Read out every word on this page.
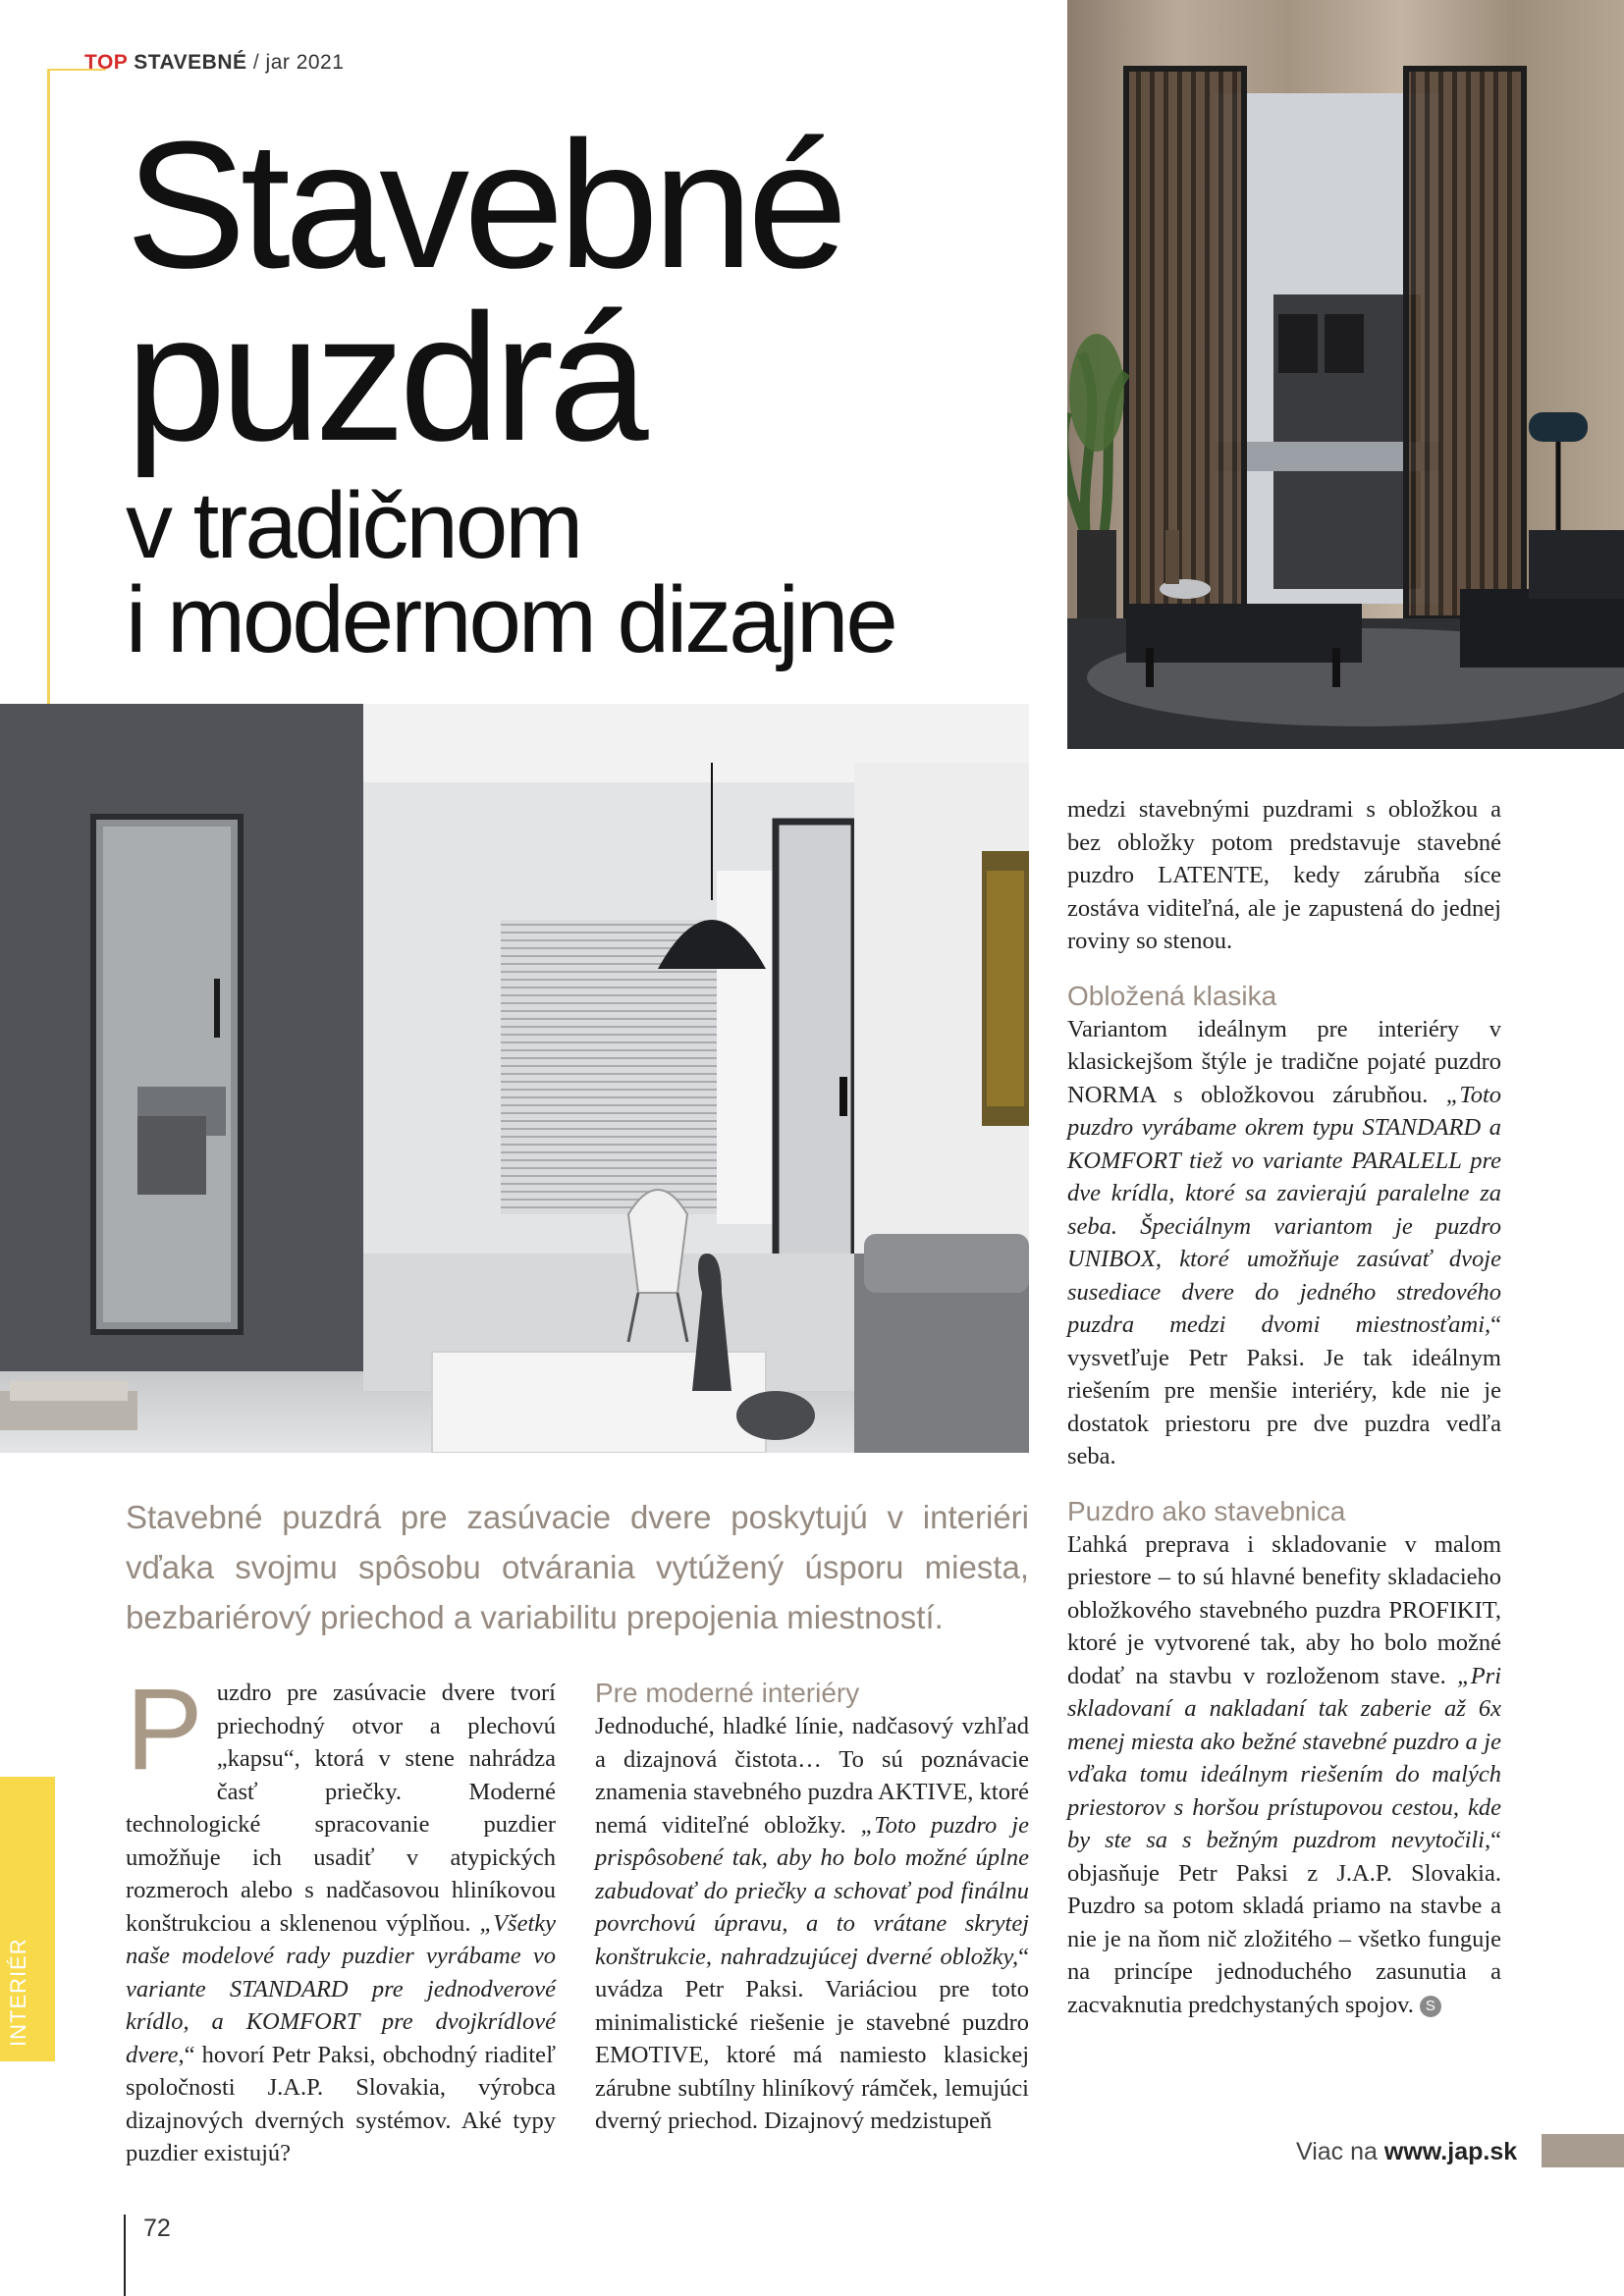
TOP STAVEBNÉ / jar 2021
Stavebné
puzdrá
v tradičnom
i modernom dizajne
Stavebné puzdrá pre zasúvacie dvere poskytujú v interiéri vďaka svojmu spôsobu otvárania vytúžený úsporu miesta, bezbariérový priechod a variabilitu prepojenia miestností.

Puzdro pre zasúvacie dvere tvorí priechodný otvor a plechovú „kapsu“, ktorá v stene nahrádza časť priečky. Moderné technologické spracovanie puzdier umožňuje ich usadiť v atypických rozmeroch alebo s nadčasovou hliníkovou konštrukciou a sklenenou výplňou. „Všetky naše modelové rady puzdier vyrábame vo variante STANDARD pre jednodverové krídlo, a KOMFORT pre dvojkrídlové dvere,“ hovorí Petr Paksi, obchodný riaditeľ spoločnosti J.A.P. Slovakia, výrobca dizajnových dverných systémov. Aké typy puzdier existujú?

Pre moderné interiéry

Jednoduché, hladké línie, nadčasový vzhľad a dizajnová čistota… To sú poznávacie znamenia stavebného puzdra AKTIVE, ktoré nemá viditeľné obložky. „Toto puzdro je prispôsobené tak, aby ho bolo možné úplne zabudovať do priečky a schovať pod finálnu povrchovú úpravu, a to vrátane skrytej konštrukcie, nahradzujúcej dverné obložky,“ uvádza Petr Paksi. Variáciou pre toto minimalistické riešenie je stavebné puzdro EMOTIVE, ktoré má namiesto klasickej zárubne subtílny hliníkový rámček, lemujúci dverný priechod. Dizajnový medzistupeň

medzi stavebnými puzdrami s obložkou a bez obložky potom predstavuje stavebné puzdro LATENTE, kedy zárubňa síce zostáva viditeľná, ale je zapustená do jednej roviny so stenou.

Obložená klasika

Variantom ideálnym pre interiéry v klasickejšom štýle je tradične pojaté puzdro NORMA s obložkovou zárubňou. „Toto puzdro vyrábame okrem typu STANDARD a KOMFORT tiež vo variante PARALELL pre dve krídla, ktoré sa zavierajú paralelne za seba. Špeciálnym variantom je puzdro UNIBOX, ktoré umožňuje zasúvať dvoje susediace dvere do jedného stredového puzdra medzi dvomi miestnosťami,“ vysvetľuje Petr Paksi. Je tak ideálnym riešením pre menšie interiéry, kde nie je dostatok priestoru pre dve puzdra vedľa seba.

Puzdro ako stavebnica

Ľahká preprava i skladovanie v malom priestore – to sú hlavné benefity skladacieho obložkového stavebného puzdra PROFIKIT, ktoré je vytvorené tak, aby ho bolo možné dodať na stavbu v rozloženom stave. „Pri skladovaní a nakladaní tak zaberie až 6x menej miesta ako bežné stavebné puzdro a je vďaka tomu ideálnym riešením do malých priestorov s horšou prístupovou cestou, kde by ste sa s bežným puzdrom nevytočili,“ objasňuje Petr Paksi z J.A.P. Slovakia. Puzdro sa potom skladá priamo na stavbe a nie je na ňom nič zložitého – všetko funguje na princípe jednoduchého zasunutia a zacvaknutia predchystaných spojov. S

INTERIÉR
Viac na www.jap.sk
72
